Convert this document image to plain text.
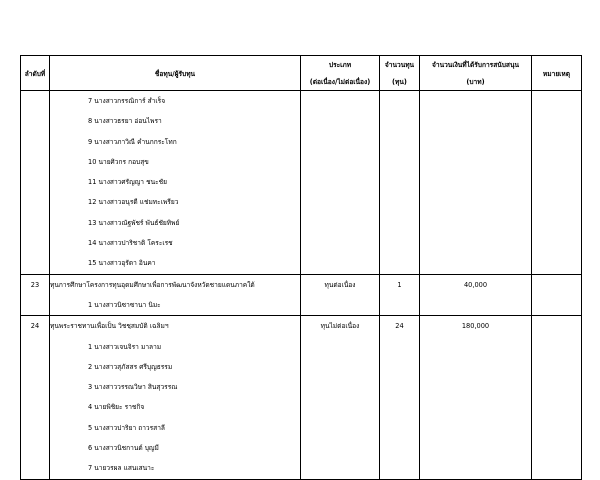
ลำดับที่	ชื่อทุน/ผู้รับทุน	ประเภท	จำนวนทุน	จำนวนเงินที่ได้รับการสนับสนุน	หมายเหตุ
		(ต่อเนื่อง/ไม่ต่อเนื่อง)	(ทุน)	(บาท)	
	7 นางสาวกรรณิการ์ สำเร็จ				
	8 นางสาวธรยา อ่อนไพรา				
	9 นางสาวภาวิณี คำนกกระโทก				
	10 นายศิวกร กอบสุข				
	11 นางสาวศรัญญา ชนะชัย				
	12 นางสาวอนุรดี แช่มทะเพรียว				
	13 นางสาวณัฐพัชร์ พันธ์ชัยทิพย์				
	14 นางสาวปาริชาติ โคระเรช				
	15 นางสาวอุรัดา อินคา				
23	ทุนการศึกษาโครงการทุนอุดมศึกษาเพื่อการพัฒนาจังหวัดชายแดนภาคใต้	ทุนต่อเนื่อง	1	40,000	
	1 นางสาวนิซาซานา นิมะ				
24	ทุนพระราชทานเพื่อเป็น วิชชฺสมบัติ เฉลิมฯ	ทุนไม่ต่อเนื่อง	24	180,000	
	1 นางสาวเจนจิรา มาลาม				
	2 นางสาวสุภัสสร ศรีบุญธรรม				
	3 นางสาววรรณวิษา สินสุวรรณ				
	4 นายพิชิยะ ราชกิจ				
	5 นางสาวปาริยา ถาวรสาลี				
	6 นางสาวนิชกานต์ บุญมี				
	7 นายวรผล แสนเสนาะ				
